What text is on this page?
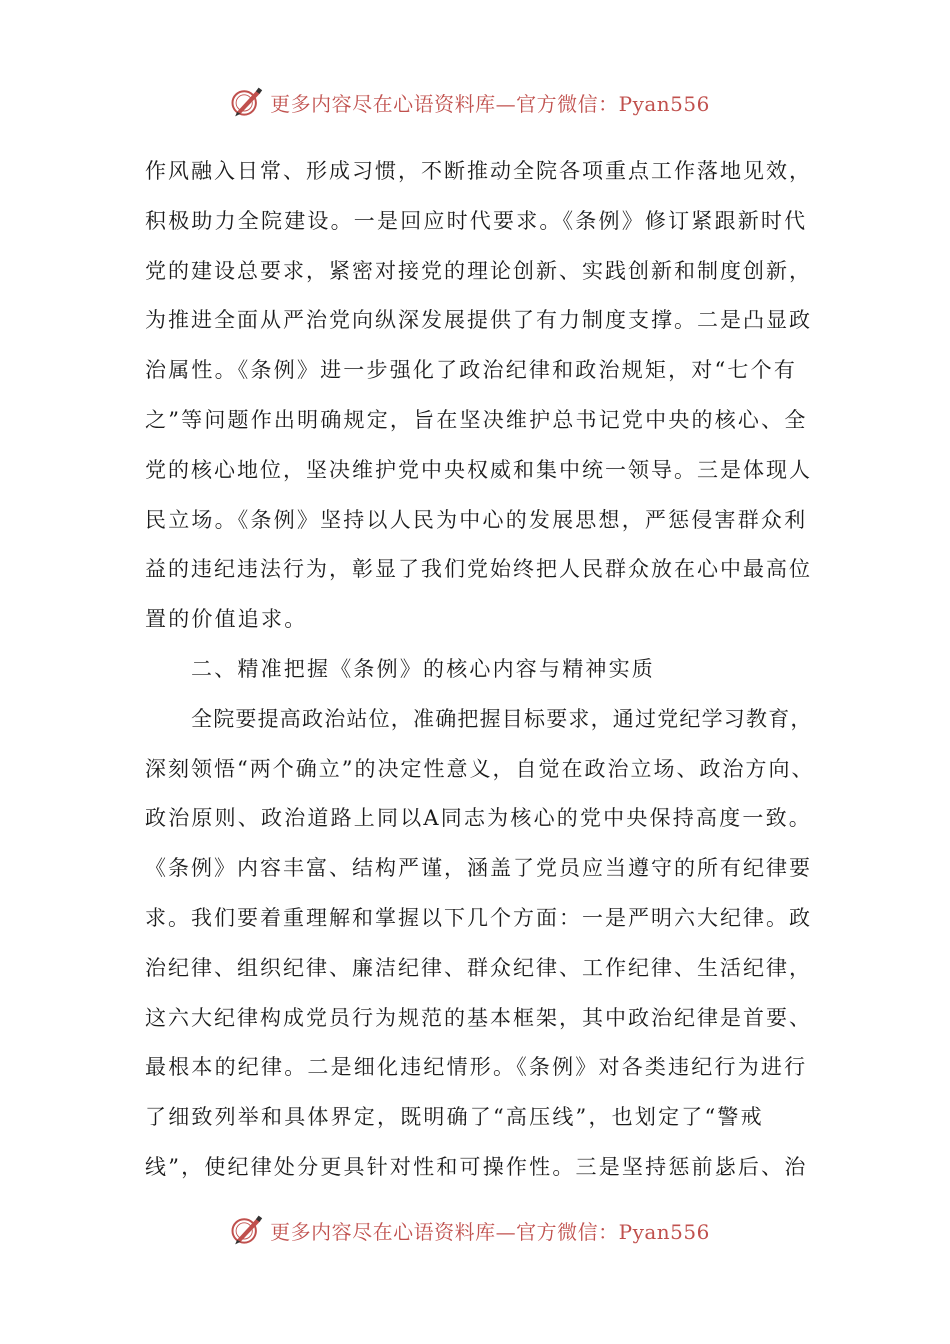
更多内容尽在心语资料库—官方微信：Pyan556
作风融入日常、形成习惯，不断推动全院各项重点工作落地见效，
积极助力全院建设。一是回应时代要求。《条例》修订紧跟新时代
党的建设总要求，紧密对接党的理论创新、实践创新和制度创新，
为推进全面从严治党向纵深发展提供了有力制度支撑。二是凸显政
治属性。《条例》进一步强化了政治纪律和政治规矩，对“七个有
之”等问题作出明确规定，旨在坚决维护总书记党中央的核心、全
党的核心地位，坚决维护党中央权威和集中统一领导。三是体现人
民立场。《条例》坚持以人民为中心的发展思想，严惩侵害群众利
益的违纪违法行为，彰显了我们党始终把人民群众放在心中最高位
置的价值追求。
二、精准把握《条例》的核心内容与精神实质
全院要提高政治站位，准确把握目标要求，通过党纪学习教育，
深刻领悟“两个确立”的决定性意义，自觉在政治立场、政治方向、
政治原则、政治道路上同以A同志为核心的党中央保持高度一致。
《条例》内容丰富、结构严谨，涵盖了党员应当遵守的所有纪律要
求。我们要着重理解和掌握以下几个方面：一是严明六大纪律。政
治纪律、组织纪律、廉洁纪律、群众纪律、工作纪律、生活纪律，
这六大纪律构成党员行为规范的基本框架，其中政治纪律是首要、
最根本的纪律。二是细化违纪情形。《条例》对各类违纪行为进行
了细致列举和具体界定，既明确了“高压线”，也划定了“警戒
线”，使纪律处分更具针对性和可操作性。三是坚持惩前毖后、治
更多内容尽在心语资料库—官方微信：Pyan556
